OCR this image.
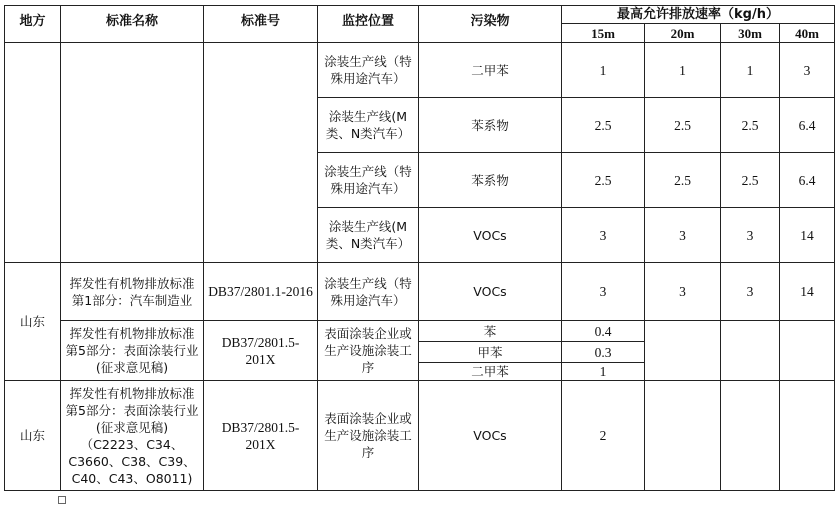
地方	标准名称	标准号	监控位置	污染物	最高允许排放速率（kg/h）			
					15m	20m	30m	40m
			涂装生产线（特殊用途汽车）	二甲苯	1	1	1	3
			涂装生产线(M类、N类汽车）	苯系物	2.5	2.5	2.5	6.4
			涂装生产线（特殊用途汽车）	苯系物	2.5	2.5	2.5	6.4
			涂装生产线(M类、N类汽车）	VOCs	3	3	3	14
山东	挥发性有机物排放标准　第1部分：汽车制造业	DB37/2801.1-2016	涂装生产线（特殊用途汽车）	VOCs	3	3	3	14
	挥发性有机物排放标准　第5部分：表面涂装行业(征求意见稿)	DB37/2801.5-201X	表面涂装企业或生产设施涂装工序	苯	0.4			
				甲苯	0.3			
				二甲苯	1			
山东	挥发性有机物排放标准　第5部分：表面涂装行业(征求意见稿)（C2223、C34、C3660、C38、C39、C40、C43、O8011)	DB37/2801.5-201X	表面涂装企业或生产设施涂装工序	VOCs	2			
